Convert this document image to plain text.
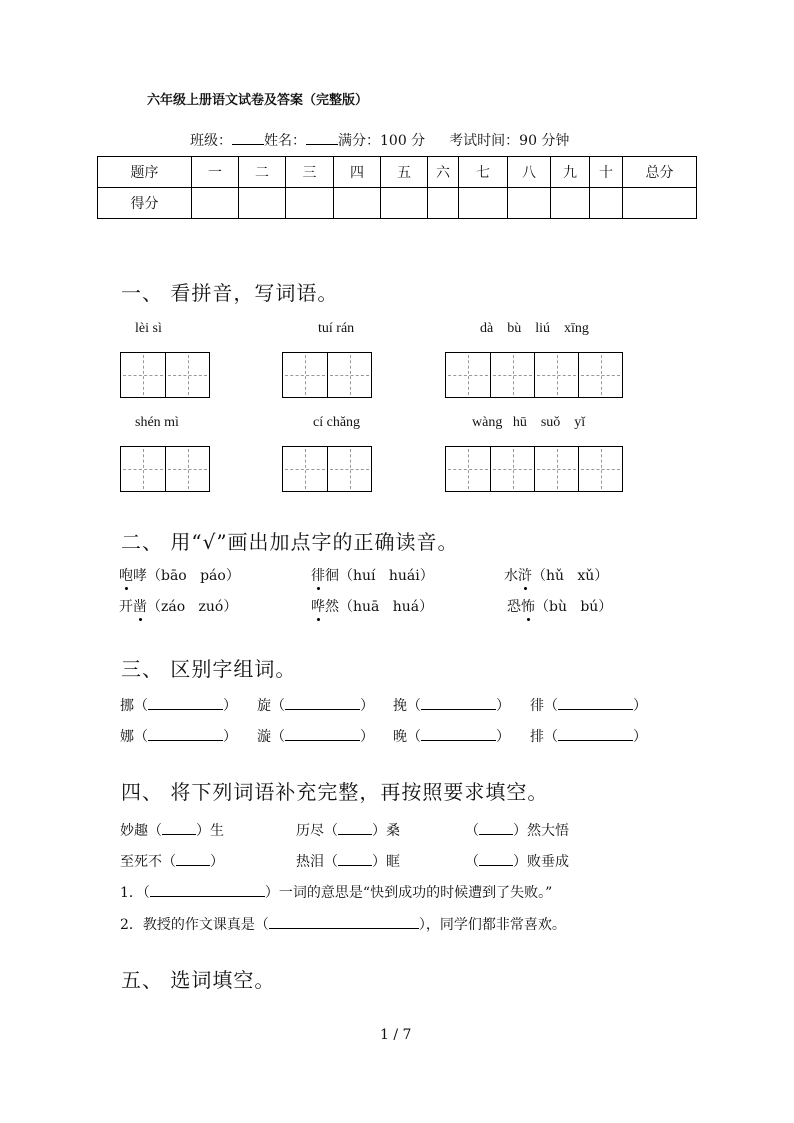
六年级上册语文试卷及答案（完整版）
班级： 姓名： 满分：100 分 考试时间：90 分钟
题序	一	二	三	四	五	六	七	八	九	十	总分
得分											
一、 看拼音，写词语。
lèi sì	tuí rán	dà    bù    liú    xīng
shén mì	cí chǎng	wàng   hū    suǒ    yǐ
二、 用“√”画出加点字的正确读音。
咆哮（bāo   páo）	徘徊（huí   huái）	水浒（hǔ   xǔ）
开凿（záo   zuó）	哗然（huā   huá）	恐怖（bù   bú）
三、 区别字组词。
挪（	） 旋（	） 挽（	） 徘（	）
娜（	） 漩（	） 晚（	） 排（	）
四、 将下列词语补充完整，再按照要求填空。
妙趣（ ）生	历尽（ ）桑	（ ）然大悟
至死不（ ）	热泪（ ）眶	（ ）败垂成
1．（	）一词的意思是“快到成功的时候遭到了失败。”
2．教授的作文课真是（	），同学们都非常喜欢。
五、 选词填空。
1 / 7
